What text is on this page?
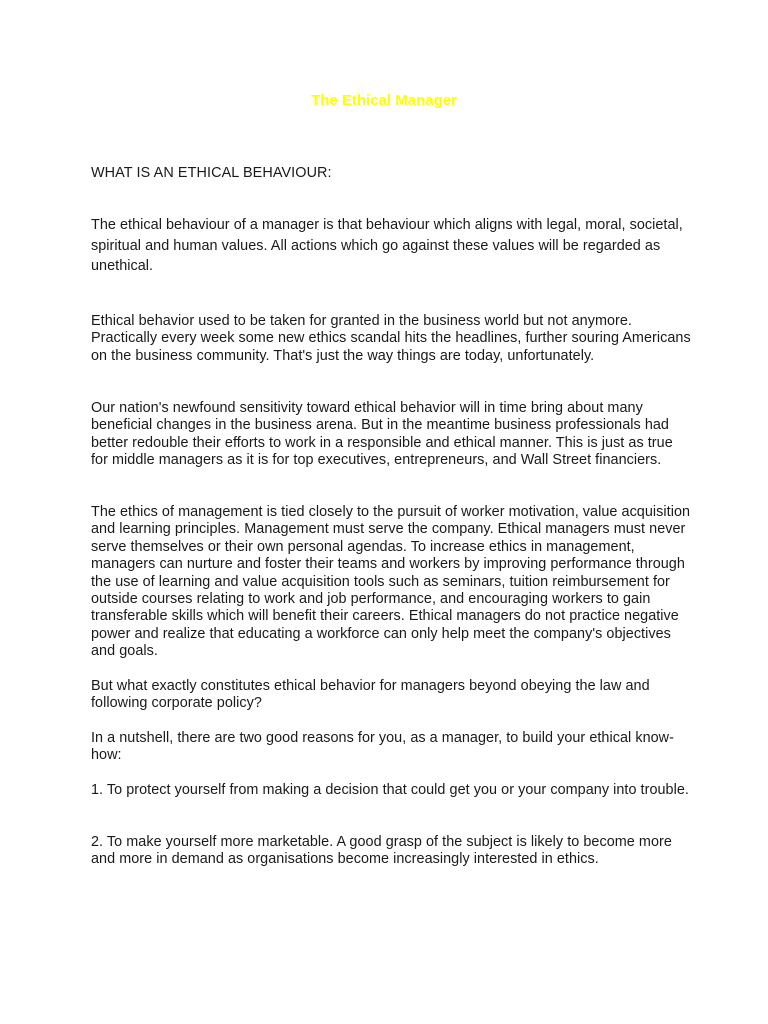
The Ethical Manager
WHAT IS AN ETHICAL BEHAVIOUR:

The ethical behaviour of a manager is that behaviour which aligns with legal, moral, societal, spiritual and human values. All actions which go against these values will be regarded as unethical.

Ethical behavior used to be taken for granted in the business world but not anymore. Practically every week some new ethics scandal hits the headlines, further souring Americans on the business community. That's just the way things are today, unfortunately.

Our nation's newfound sensitivity toward ethical behavior will in time bring about many beneficial changes in the business arena. But in the meantime business professionals had better redouble their efforts to work in a responsible and ethical manner. This is just as true for middle managers as it is for top executives, entrepreneurs, and Wall Street financiers.

The ethics of management is tied closely to the pursuit of worker motivation, value acquisition and learning principles. Management must serve the company. Ethical managers must never serve themselves or their own personal agendas. To increase ethics in management, managers can nurture and foster their teams and workers by improving performance through the use of learning and value acquisition tools such as seminars, tuition reimbursement for outside courses relating to work and job performance, and encouraging workers to gain transferable skills which will benefit their careers. Ethical managers do not practice negative power and realize that educating a workforce can only help meet the company's objectives and goals.

But what exactly constitutes ethical behavior for managers beyond obeying the law and following corporate policy?

In a nutshell, there are two good reasons for you, as a manager, to build your ethical know-how:

1. To protect yourself from making a decision that could get you or your company into trouble.

2. To make yourself more marketable. A good grasp of the subject is likely to become more and more in demand as organisations become increasingly interested in ethics.
